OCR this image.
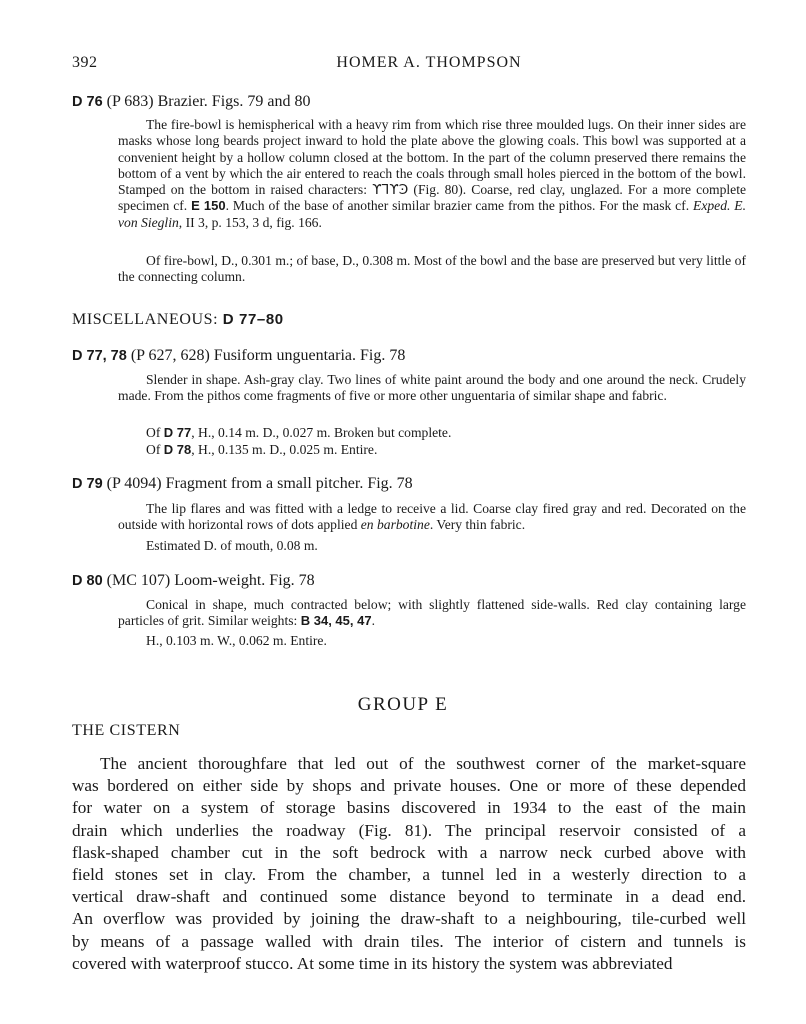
392	HOMER A. THOMPSON
D 76 (P 683) Brazier. Figs. 79 and 80
The fire-bowl is hemispherical with a heavy rim from which rise three moulded lugs. On their inner sides are masks whose long beards project inward to hold the plate above the glowing coals. This bowl was supported at a convenient height by a hollow column closed at the bottom. In the part of the column preserved there remains the bottom of a vent by which the air entered to reach the coals through small holes pierced in the bottom of the bowl. Stamped on the bottom in raised characters: ϒ⅂ϒϿ (Fig. 80). Coarse, red clay, unglazed. For a more complete specimen cf. E 150. Much of the base of another similar brazier came from the pithos. For the mask cf. Exped. E. von Sieglin, II 3, p. 153, 3 d, fig. 166.
Of fire-bowl, D., 0.301 m.; of base, D., 0.308 m. Most of the bowl and the base are preserved but very little of the connecting column.
MISCELLANEOUS: D 77–80
D 77, 78 (P 627, 628) Fusiform unguentaria. Fig. 78
Slender in shape. Ash-gray clay. Two lines of white paint around the body and one around the neck. Crudely made. From the pithos come fragments of five or more other unguentaria of similar shape and fabric.
Of D 77, H., 0.14 m. D., 0.027 m. Broken but complete.
Of D 78, H., 0.135 m. D., 0.025 m. Entire.
D 79 (P 4094) Fragment from a small pitcher. Fig. 78
The lip flares and was fitted with a ledge to receive a lid. Coarse clay fired gray and red. Decorated on the outside with horizontal rows of dots applied en barbotine. Very thin fabric.
Estimated D. of mouth, 0.08 m.
D 80 (MC 107) Loom-weight. Fig. 78
Conical in shape, much contracted below; with slightly flattened side-walls. Red clay containing large particles of grit. Similar weights: B 34, 45, 47.
H., 0.103 m. W., 0.062 m. Entire.
GROUP E
THE CISTERN
The ancient thoroughfare that led out of the southwest corner of the market-square
was bordered on either side by shops and private houses. One or more of these depended
for water on a system of storage basins discovered in 1934 to the east of the main
drain which underlies the roadway (Fig. 81). The principal reservoir consisted of a
flask-shaped chamber cut in the soft bedrock with a narrow neck curbed above with
field stones set in clay. From the chamber, a tunnel led in a westerly direction to a
vertical draw-shaft and continued some distance beyond to terminate in a dead end.
An overflow was provided by joining the draw-shaft to a neighbouring, tile-curbed well
by means of a passage walled with drain tiles. The interior of cistern and tunnels is
covered with waterproof stucco. At some time in its history the system was abbreviated
